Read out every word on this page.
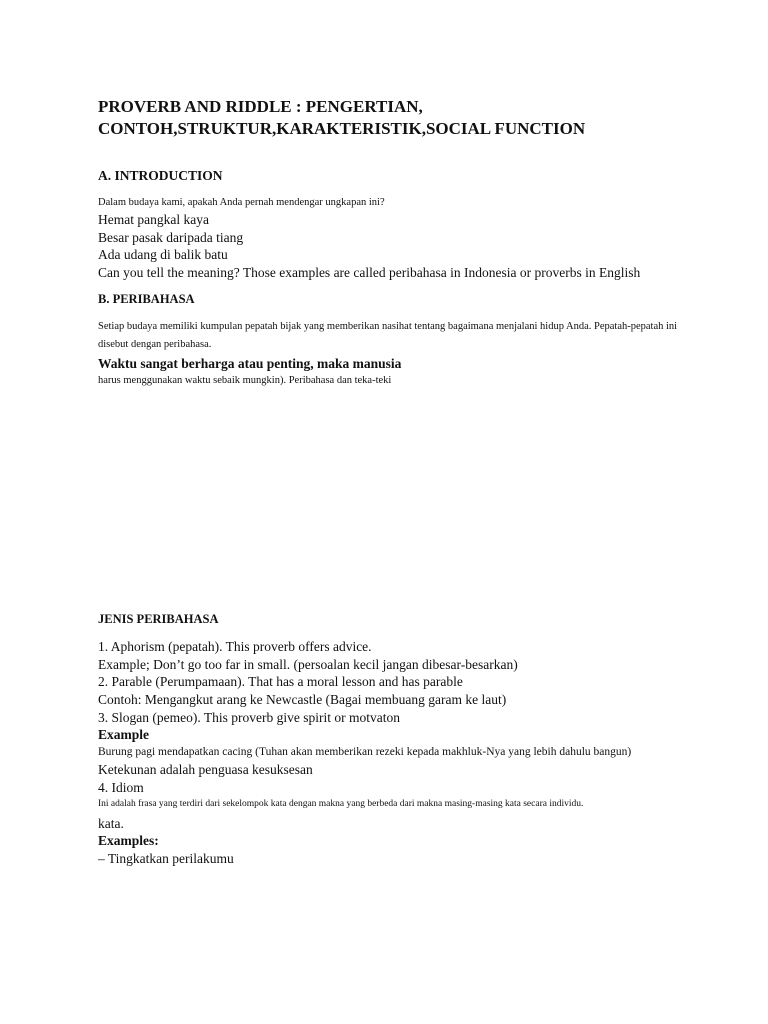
PROVERB AND RIDDLE : PENGERTIAN,
CONTOH,STRUKTUR,KARAKTERISTIK,SOCIAL FUNCTION
A. INTRODUCTION
Dalam budaya kami, apakah Anda pernah mendengar ungkapan ini?
Hemat pangkal kaya
Besar pasak daripada tiang
Ada udang di balik batu
Can you tell the meaning? Those examples are called peribahasa in Indonesia or proverbs in English
B. PERIBAHASA
Setiap budaya memiliki kumpulan pepatah bijak yang memberikan nasihat tentang bagaimana menjalani hidup Anda. Pepatah-pepatah ini
disebut dengan peribahasa.
Waktu sangat berharga atau penting, maka manusia
harus menggunakan waktu sebaik mungkin). Peribahasa dan teka-teki
JENIS PERIBAHASA
1. Aphorism (pepatah). This proverb offers advice.
Example; Don’t go too far in small. (persoalan kecil jangan dibesar-besarkan)
2. Parable (Perumpamaan). That has a moral lesson and has parable
Contoh: Mengangkut arang ke Newcastle (Bagai membuang garam ke laut)
3. Slogan (pemeo). This proverb give spirit or motvaton
Example
Burung pagi mendapatkan cacing (Tuhan akan memberikan rezeki kepada makhluk-Nya yang lebih dahulu bangun)
Ketekunan adalah penguasa kesuksesan
4. Idiom
Ini adalah frasa yang terdiri dari sekelompok kata dengan makna yang berbeda dari makna masing-masing kata secara individu.
kata.
Examples:
– Tingkatkan perilakumu
